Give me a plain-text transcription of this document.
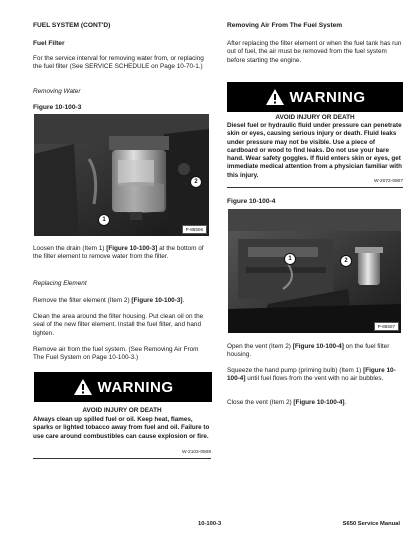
FUEL SYSTEM (CONT'D)
Fuel Filter

For the service interval for removing water from, or replacing the fuel filter (See SERVICE SCHEDULE on Page 10-70-1.)

Removing Water
Figure 10-100-3
2
1
P-85506

Loosen the drain (Item 1) [Figure 10-100-3] at the bottom of the filter element to remove water from the filter.

Replacing Element

Remove the filter element (Item 2) [Figure 10-100-3].

Clean the area around the filter housing. Put clean oil on the seal of the new filter element. Install the fuel filter, and hand tighten.

Remove air from the fuel system. (See Removing Air From The Fuel System on Page 10-100-3.)

WARNING
AVOID INJURY OR DEATH

Always clean up spilled fuel or oil. Keep heat, flames, sparks or lighted tobacco away from fuel and oil. Failure to use care around combustibles can cause explosion or fire.

W-2103-0508
Removing Air From The Fuel System

After replacing the filter element or when the fuel tank has run out of fuel, the air must be removed from the fuel system before starting the engine.

WARNING
AVOID INJURY OR DEATH

Diesel fuel or hydraulic fluid under pressure can penetrate skin or eyes, causing serious injury or death. Fluid leaks under pressure may not be visible. Use a piece of cardboard or wood to find leaks. Do not use your bare hand. Wear safety goggles. If fluid enters skin or eyes, get immediate medical attention from a physician familiar with this injury.

W-2072-0807
Figure 10-100-4
1	2
P-85507

Open the vent (Item 2) [Figure 10-100-4] on the fuel filter housing.

Squeeze the hand pump (priming bulb) (Item 1) [Figure 10-100-4] until fuel flows from the vent with no air bubbles.

Close the vent (Item 2) [Figure 10-100-4].

10-100-3	S650 Service Manual
